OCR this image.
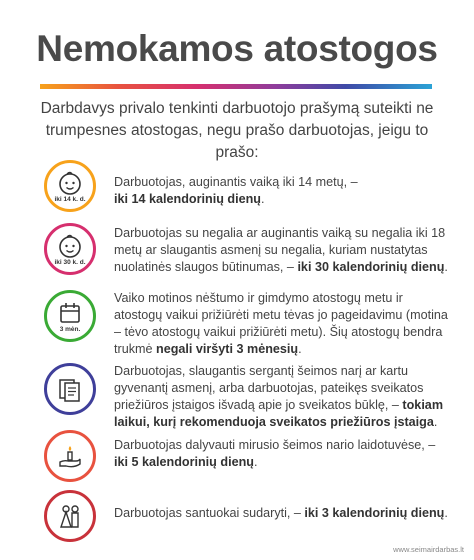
Nemokamos atostogos
Darbdavys privalo tenkinti darbuotojo prašymą suteikti ne trumpesnes atostogas, negu prašo darbuotojas, jeigu to prašo:
iki 14 k. d.
Darbuotojas, auginantis vaiką iki 14 metų, –
iki 14 kalendorinių dienų.
iki 30 k. d.
Darbuotojas su negalia ar auginantis vaiką su negalia iki 18 metų ar slaugantis asmenį su negalia, kuriam nustatytas nuolatinės slaugos būtinumas, – iki 30 kalendorinių dienų.
3 mėn.
Vaiko motinos nėštumo ir gimdymo atostogų metu ir atostogų vaikui prižiūrėti metu tėvas jo pageidavimu (motina – tėvo atostogų vaikui prižiūrėti metu). Šių atostogų bendra trukmė negali viršyti 3 mėnesių.
Darbuotojas, slaugantis sergantį šeimos narį ar kartu gyvenantį asmenį, arba darbuotojas, pateikęs sveikatos priežiūros įstaigos išvadą apie jo sveikatos būklę, – tokiam laikui, kurį rekomenduoja sveikatos priežiūros įstaiga.
Darbuotojas dalyvauti mirusio šeimos nario laidotuvėse, –
iki 5 kalendorinių dienų.
Darbuotojas santuokai sudaryti, – iki 3 kalendorinių dienų.
www.seimairdarbas.lt
